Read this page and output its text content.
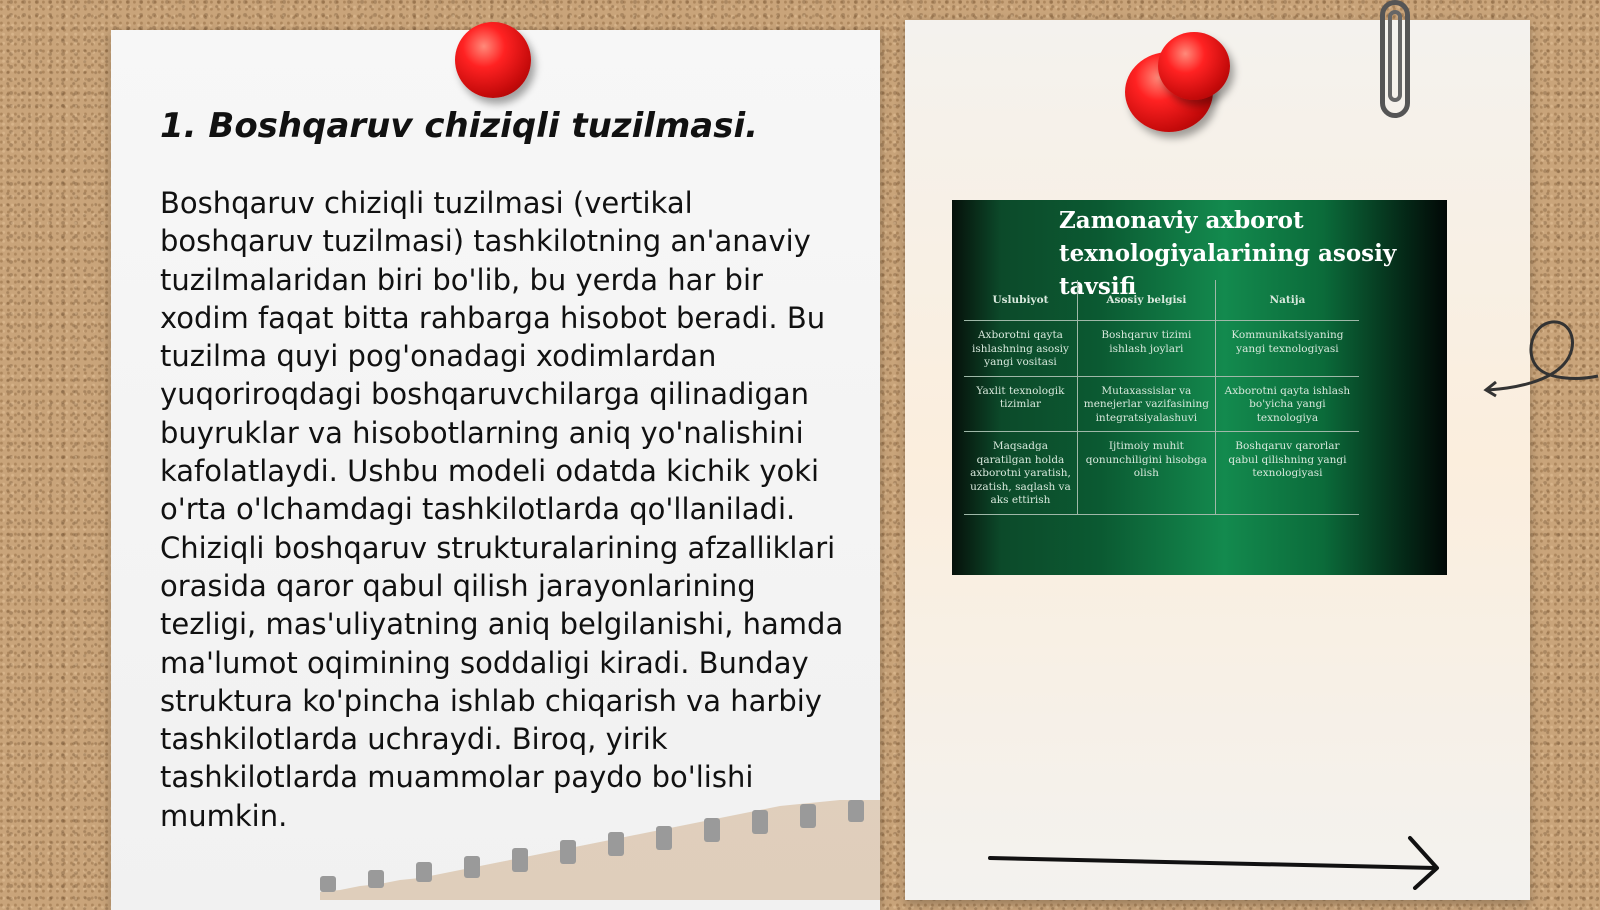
1. Boshqaruv chiziqli tuzilmasi.

Boshqaruv chiziqli tuzilmasi (vertikal boshqaruv tuzilmasi) tashkilotning an'anaviy tuzilmalaridan biri bo'lib, bu yerda har bir xodim faqat bitta rahbarga hisobot beradi. Bu tuzilma quyi pog'onadagi xodimlardan yuqoriroqdagi boshqaruvchilarga qilinadigan buyruklar va hisobotlarning aniq yo'nalishini kafolatlaydi. Ushbu modeli odatda kichik yoki o'rta o'lchamdagi tashkilotlarda qo'llaniladi. Chiziqli boshqaruv strukturalarining afzalliklari orasida qaror qabul qilish jarayonlarining tezligi, mas'uliyatning aniq belgilanishi, hamda ma'lumot oqimining soddaligi kiradi. Bunday struktura ko'pincha ishlab chiqarish va harbiy tashkilotlarda uchraydi. Biroq, yirik tashkilotlarda muammolar paydo bo'lishi mumkin.

Zamonaviy axborot texnologiyalarining asosiy tavsifi

Uslubiyot	Asosiy belgisi	Natija
Axborotni qayta ishlashning asosiy yangi vositasi	Boshqaruv tizimi ishlash joylari	Kommunikatsiyaning yangi texnologiyasi
Yaxlit texnologik tizimlar	Mutaxassislar va menejerlar vazifasining integratsiyalashuvi	Axborotni qayta ishlash bo'yicha yangi texnologiya
Maqsadga qaratilgan holda axborotni yaratish, uzatish, saqlash va aks ettirish	Ijtimoiy muhit qonunchiligini hisobga olish	Boshqaruv qarorlar qabul qilishning yangi texnologiyasi
